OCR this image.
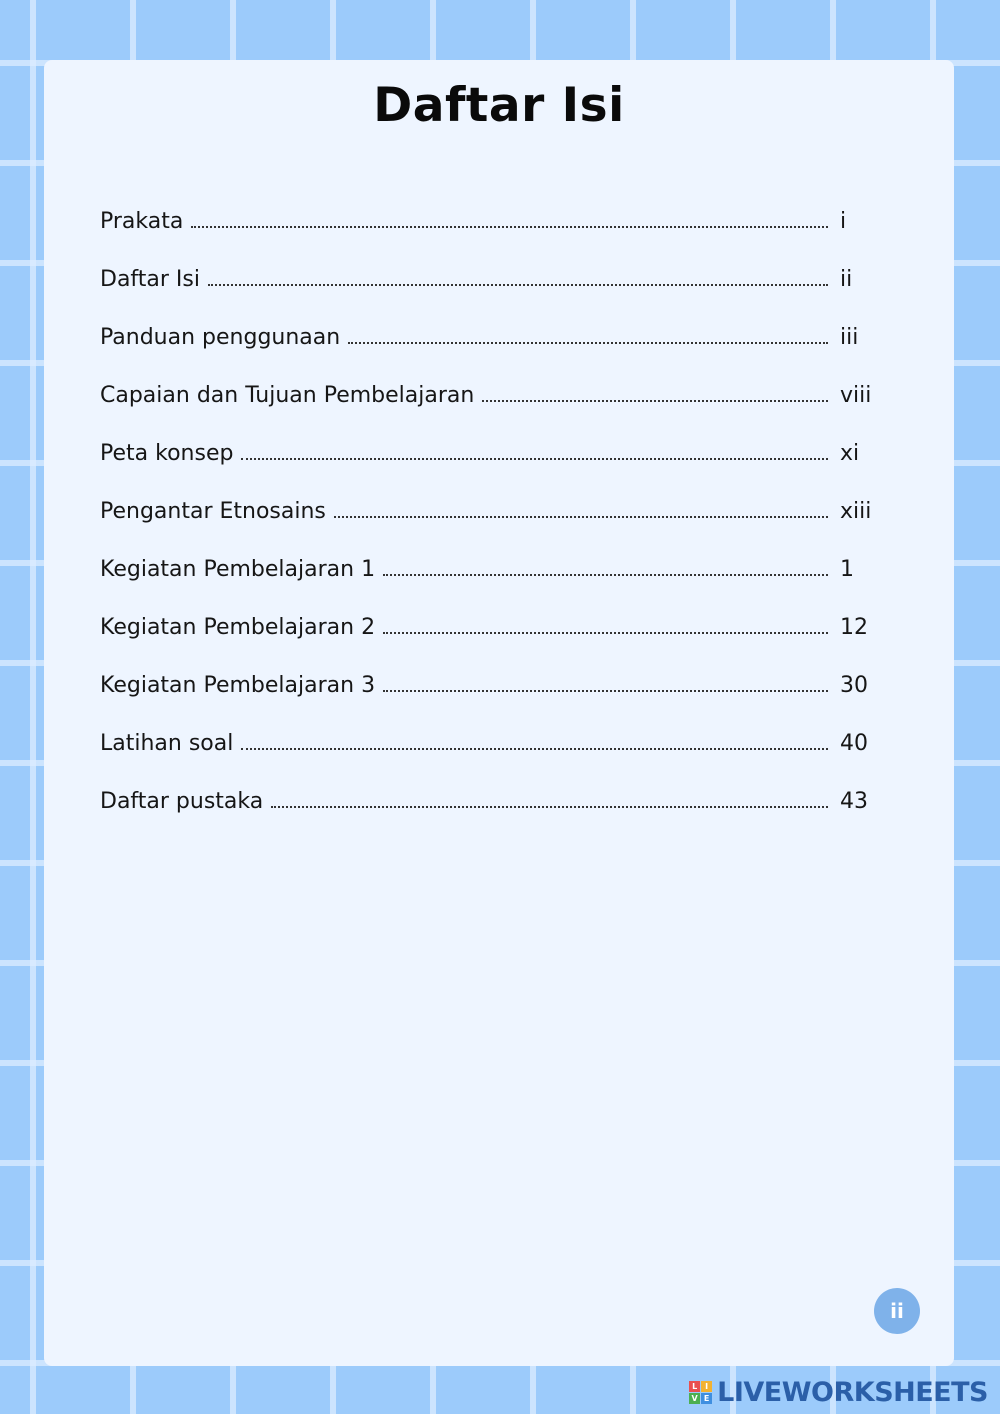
Daftar Isi
Prakata	i
Daftar Isi	ii
Panduan penggunaan	iii
Capaian dan Tujuan Pembelajaran	viii
Peta konsep	xi
Pengantar Etnosains	xiii
Kegiatan Pembelajaran 1	1
Kegiatan Pembelajaran 2	12
Kegiatan Pembelajaran 3	30
Latihan soal	40
Daftar pustaka	43
ii
L I
V E LIVEWORKSHEETS
